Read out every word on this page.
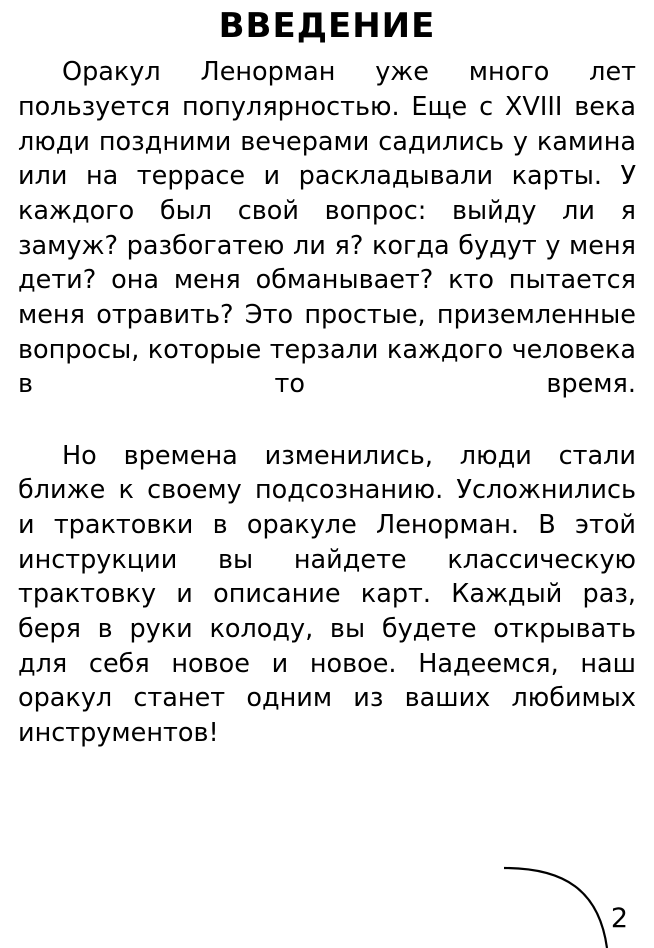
ВВЕДЕНИЕ

Оракул Ленорман уже много лет пользуется популярностью. Еще с XVIII века люди поздними вечерами садились у камина или на террасе и раскладывали карты. У каждого был свой вопрос: выйду ли я замуж? разбогатею ли я? когда будут у меня дети? она меня обманывает? кто пытается меня отравить? Это простые, приземленные вопросы, которые терзали каждого человека в то время.

Но времена изменились, люди стали ближе к своему подсознанию. Усложнились и трактовки в оракуле Ленорман. В этой инструкции вы найдете классическую трактовку и описание карт. Каждый раз, беря в руки колоду, вы будете открывать для себя новое и новое. Надеемся, наш оракул станет одним из ваших любимых инструментов!

2
